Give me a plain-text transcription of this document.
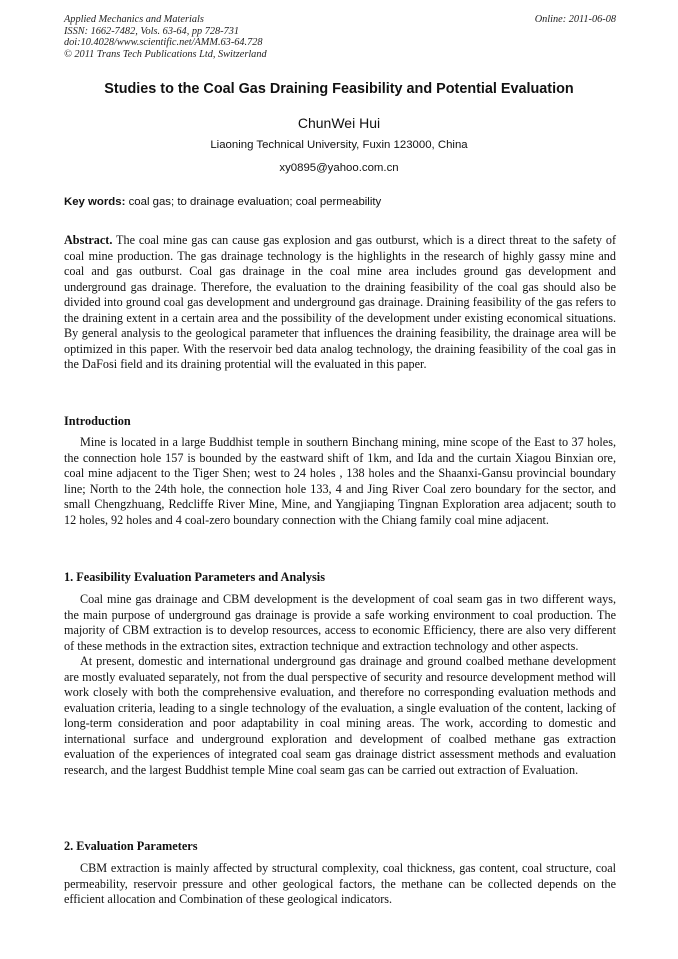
Applied Mechanics and Materials
ISSN: 1662-7482, Vols. 63-64, pp 728-731
doi:10.4028/www.scientific.net/AMM.63-64.728
© 2011 Trans Tech Publications Ltd, Switzerland
Online: 2011-06-08
Studies to the Coal Gas Draining Feasibility and Potential Evaluation
ChunWei Hui
Liaoning Technical University, Fuxin 123000, China
xy0895@yahoo.com.cn
Key words: coal gas; to drainage evaluation; coal permeability

Abstract. The coal mine gas can cause gas explosion and gas outburst, which is a direct threat to the safety of coal mine production. The gas drainage technology is the highlights in the research of highly gassy mine and coal and gas outburst. Coal gas drainage in the coal mine area includes ground gas development and underground gas drainage. Therefore, the evaluation to the draining feasibility of the coal gas should also be divided into ground coal gas development and underground gas drainage. Draining feasibility of the gas refers to the draining extent in a certain area and the possibility of the development under existing economical situations. By general analysis to the geological parameter that influences the draining feasibility, the drainage area will be optimized in this paper. With the reservoir bed data analog technology, the draining feasibility of the coal gas in the DaFosi field and its draining protential will the evaluated in this paper.

Introduction

Mine is located in a large Buddhist temple in southern Binchang mining, mine scope of the East to 37 holes, the connection hole 157 is bounded by the eastward shift of 1km, and Ida and the curtain Xiagou Binxian ore, coal mine adjacent to the Tiger Shen; west to 24 holes , 138 holes and the Shaanxi-Gansu provincial boundary line; North to the 24th hole, the connection hole 133, 4 and Jing River Coal zero boundary for the sector, and small Chengzhuang, Redcliffe River Mine, Mine, and Yangjiaping Tingnan Exploration area adjacent; south to 12 holes, 92 holes and 4 coal-zero boundary connection with the Chiang family coal mine adjacent.

1. Feasibility Evaluation Parameters and Analysis

Coal mine gas drainage and CBM development is the development of coal seam gas in two different ways, the main purpose of underground gas drainage is provide a safe working environment to coal production. The majority of CBM extraction is to develop resources, access to economic Efficiency, there are also very different of these methods in the extraction sites, extraction technique and extraction technology and other aspects.

At present, domestic and international underground gas drainage and ground coalbed methane development are mostly evaluated separately, not from the dual perspective of security and resource development method will work closely with both the comprehensive evaluation, and therefore no corresponding evaluation methods and evaluation criteria, leading to a single technology of the evaluation, a single evaluation of the content, lacking of long-term consideration and poor adaptability in coal mining areas. The work, according to domestic and international surface and underground exploration and development of coalbed methane gas extraction evaluation of the experiences of integrated coal seam gas drainage district assessment methods and evaluation research, and the largest Buddhist temple Mine coal seam gas can be carried out extraction of Evaluation.

2. Evaluation Parameters

CBM extraction is mainly affected by structural complexity, coal thickness, gas content, coal structure, coal permeability, reservoir pressure and other geological factors, the methane can be collected depends on the efficient allocation and Combination of these geological indicators.
